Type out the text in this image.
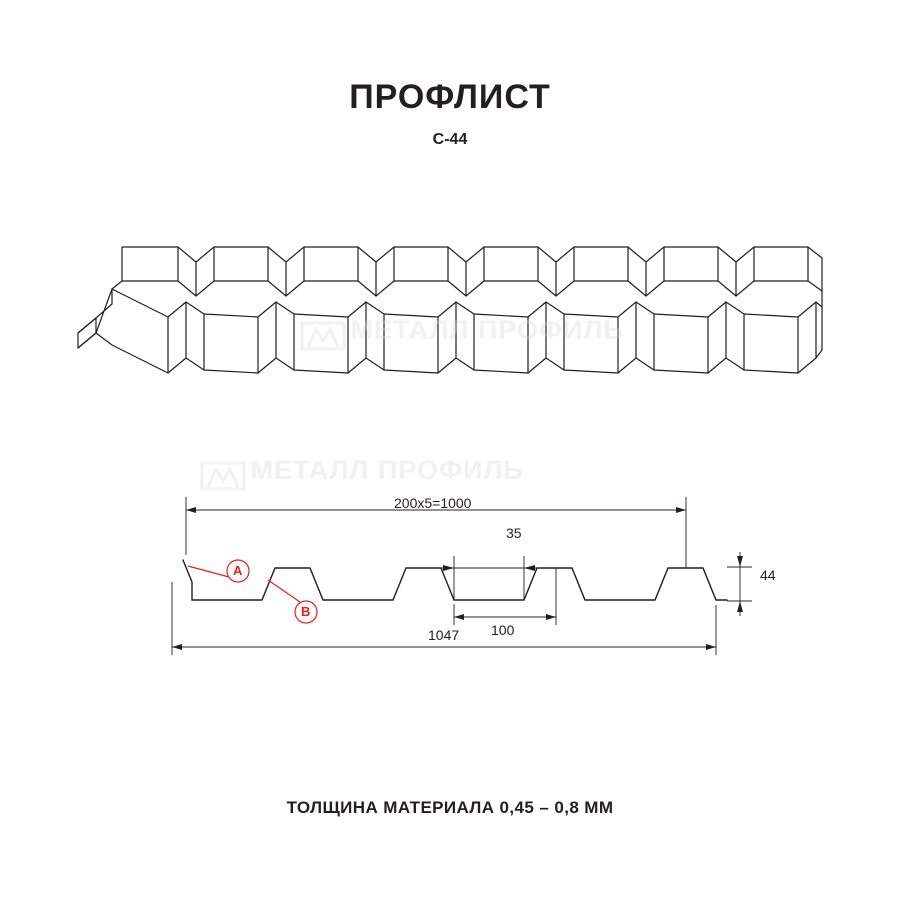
ПРОФЛИСТ
С-44
200x5=1000
35
100
1047
44
A
B
МЕТАЛЛ ПРОФИЛЬ
МЕТАЛЛ ПРОФИЛЬ
ТОЛЩИНА МАТЕРИАЛА 0,45 – 0,8 ММ
